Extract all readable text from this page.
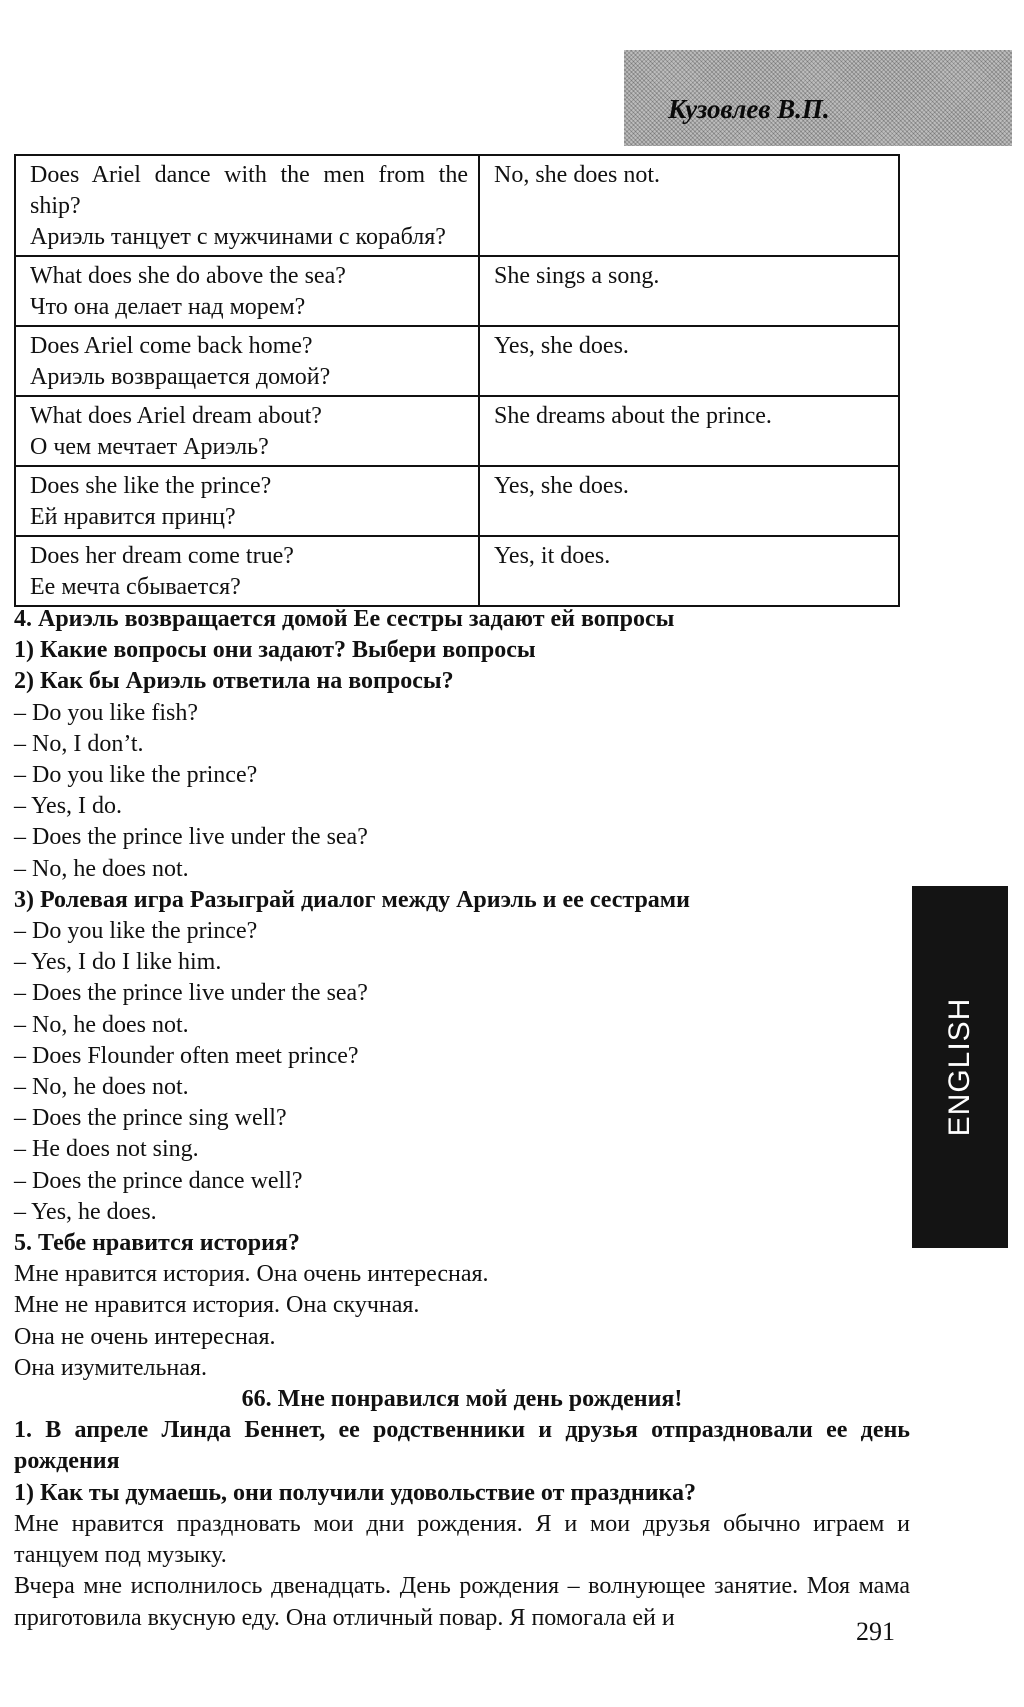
Кузовлев В.П.
Does Ariel dance with the men from the ship?
Ариэль танцует с мужчинами с корабля?	No, she does not.

What does she do above the sea?
Что она делает над морем?	She sings a song.

Does Ariel come back home?
Ариэль возвращается домой?	Yes, she does.

What does Ariel dream about?
О чем мечтает Ариэль?	She dreams about the prince.

Does she like the prince?
Ей нравится принц?	Yes, she does.

Does her dream come true?
Ее мечта сбывается?	Yes, it does.

4. Ариэль возвращается домой Ее сестры задают ей вопросы

1) Какие вопросы они задают? Выбери вопросы

2) Как бы Ариэль ответила на вопросы?

– Do you like fish?

– No, I don’t.

– Do you like the prince?

– Yes, I do.

– Does the prince live under the sea?

– No, he does not.

3) Ролевая игра Разыграй диалог между Ариэль и ее сестрами

– Do you like the prince?

– Yes, I do I like him.

– Does the prince live under the sea?

– No, he does not.

– Does Flounder often meet prince?

– No, he does not.

– Does the prince sing well?

– He does not sing.

– Does the prince dance well?

– Yes, he does.

5. Тебе нравится история?

Мне нравится история. Она очень интересная.

Мне не нравится история. Она скучная.

Она не очень интересная.

Она изумительная.

66. Мне понравился мой день рождения!

1. В апреле Линда Беннет, ее родственники и друзья отпраздновали ее день рождения

1) Как ты думаешь, они получили удовольствие от праздника?

Мне нравится праздновать мои дни рождения. Я и мои друзья обычно играем и танцуем под музыку.

Вчера мне исполнилось двенадцать. День рождения – волнующее занятие. Моя мама приготовила вкусную еду. Она отличный повар. Я помогала ей и

ENGLISH
291
